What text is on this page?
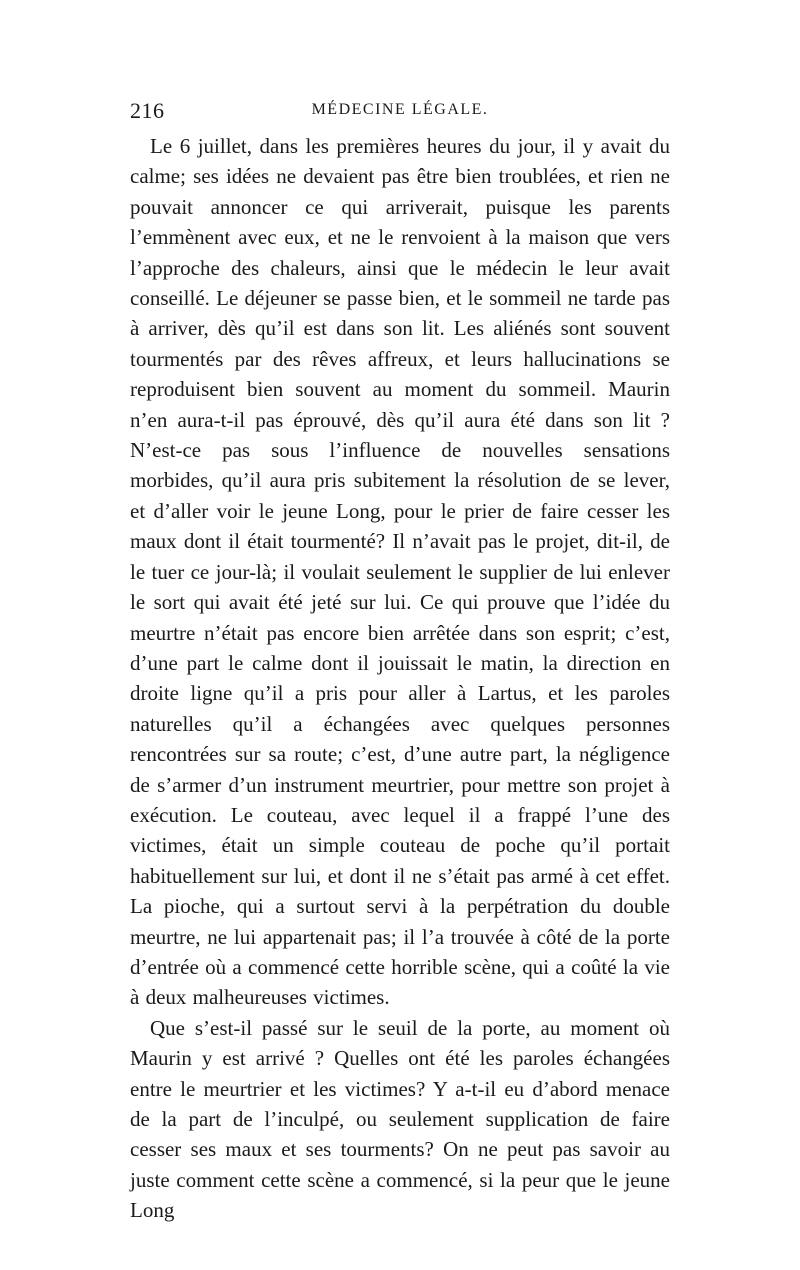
216	MÉDECINE LÉGALE.

Le 6 juillet, dans les premières heures du jour, il y avait du calme; ses idées ne devaient pas être bien troublées, et rien ne pouvait annoncer ce qui arriverait, puisque les parents l’emmènent avec eux, et ne le renvoient à la maison que vers l’approche des chaleurs, ainsi que le médecin le leur avait conseillé. Le déjeuner se passe bien, et le sommeil ne tarde pas à arriver, dès qu’il est dans son lit. Les aliénés sont souvent tourmentés par des rêves affreux, et leurs hallucinations se reproduisent bien souvent au moment du sommeil. Maurin n’en aura-t-il pas éprouvé, dès qu’il aura été dans son lit ? N’est-ce pas sous l’influence de nouvelles sensations morbides, qu’il aura pris subitement la résolution de se lever, et d’aller voir le jeune Long, pour le prier de faire cesser les maux dont il était tourmenté? Il n’avait pas le projet, dit-il, de le tuer ce jour-là; il voulait seulement le supplier de lui enlever le sort qui avait été jeté sur lui. Ce qui prouve que l’idée du meurtre n’était pas encore bien arrêtée dans son esprit; c’est, d’une part le calme dont il jouissait le matin, la direction en droite ligne qu’il a pris pour aller à Lartus, et les paroles naturelles qu’il a échangées avec quelques personnes rencontrées sur sa route; c’est, d’une autre part, la négligence de s’armer d’un instrument meurtrier, pour mettre son projet à exécution. Le couteau, avec lequel il a frappé l’une des victimes, était un simple couteau de poche qu’il portait habituellement sur lui, et dont il ne s’était pas armé à cet effet. La pioche, qui a surtout servi à la perpétration du double meurtre, ne lui appartenait pas; il l’a trouvée à côté de la porte d’entrée où a commencé cette horrible scène, qui a coûté la vie à deux malheureuses victimes.

Que s’est-il passé sur le seuil de la porte, au moment où Maurin y est arrivé ? Quelles ont été les paroles échangées entre le meurtrier et les victimes? Y a-t-il eu d’abord menace de la part de l’inculpé, ou seulement supplication de faire cesser ses maux et ses tourments? On ne peut pas savoir au juste comment cette scène a commencé, si la peur que le jeune Long
